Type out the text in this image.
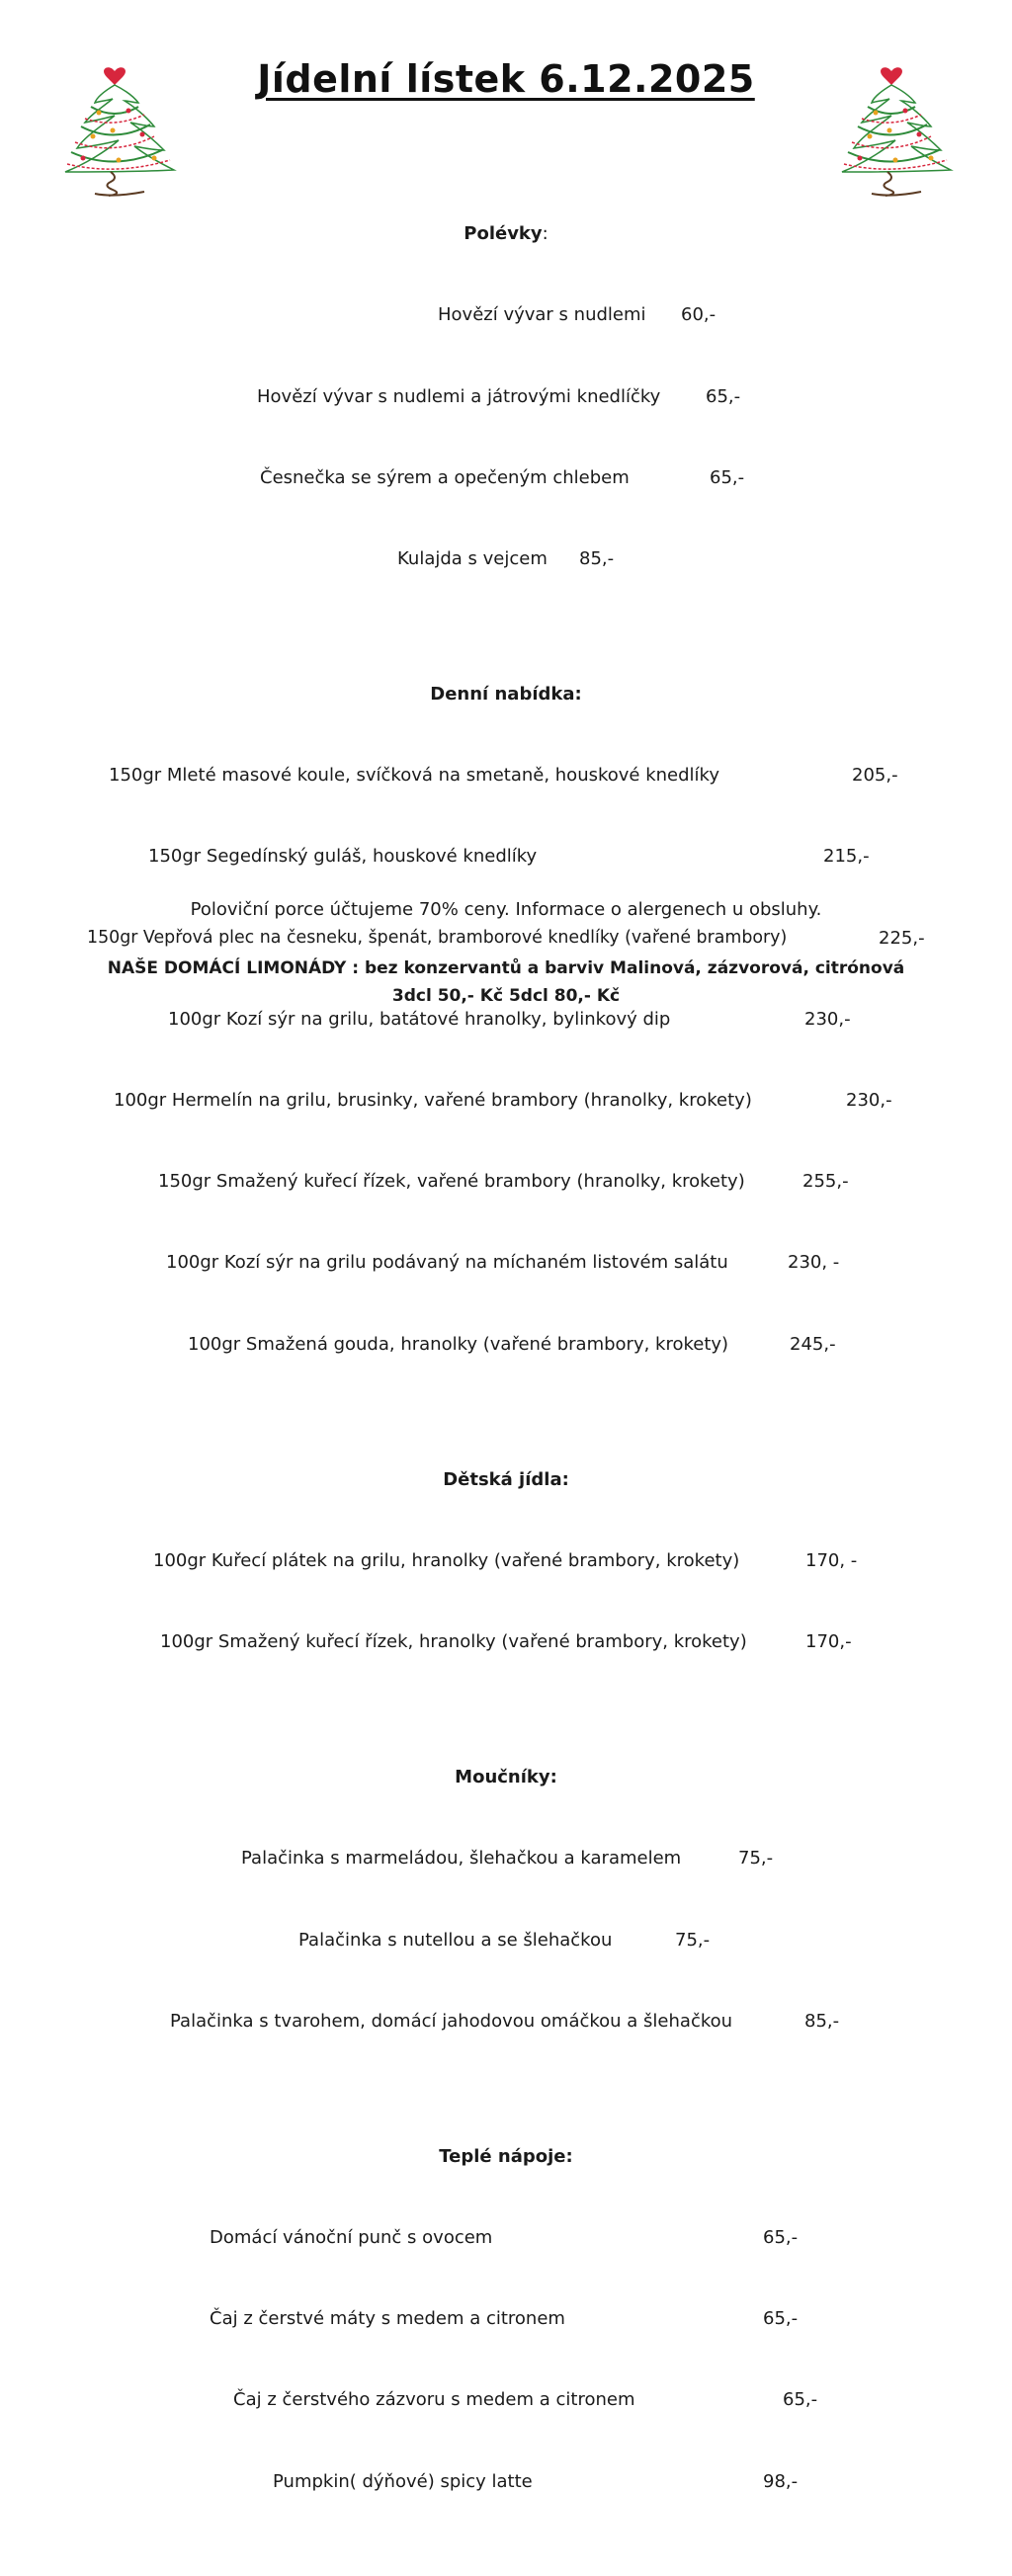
Jídelní lístek 6.12.2025

Polévky:

Hovězí vývar s nudlemi

60,-

Hovězí vývar s nudlemi a játrovými knedlíčky

	65,-

Česnečka se sýrem a opečeným chlebem

	65,-

Kulajda s vejcem

85,-

Denní nabídka:

150gr Mleté masové koule, svíčková na smetaně, houskové knedlíky

	205,-

150gr Segedínský guláš, houskové knedlíky

	215,-

150gr Vepřová plec na česneku, špenát, bramborové knedlíky (vařené brambory)

	225,-

100gr Kozí sýr na grilu, batátové hranolky, bylinkový dip

	230,-

100gr Hermelín na grilu, brusinky, vařené brambory (hranolky, krokety)

	230,-

150gr Smažený kuřecí řízek, vařené brambory (hranolky, krokety)

	255,-

100gr Kozí sýr na grilu podávaný na míchaném listovém salátu

	230, -

100gr Smažená gouda, hranolky (vařené brambory, krokety)

	245,-

Dětská jídla:

100gr Kuřecí plátek na grilu, hranolky (vařené brambory, krokety)

	170, -

100gr Smažený kuřecí řízek, hranolky (vařené brambory, krokety)

	170,-

Moučníky:

Palačinka s marmeládou, šlehačkou a karamelem

	75,-

Palačinka s nutellou a se šlehačkou

	75,-

Palačinka s tvarohem, domácí jahodovou omáčkou a šlehačkou

	85,-

Teplé nápoje:

Domácí vánoční punč s ovocem

	65,-

Čaj z čerstvé máty s medem a citronem

	65,-

Čaj z čerstvého zázvoru s medem a citronem

	65,-

Pumpkin( dýňové) spicy latte

	98,-

Poloviční porce účtujeme 70% ceny. Informace o alergenech u obsluhy.
NAŠE DOMÁCÍ LIMONÁDY : bez konzervantů a barviv Malinová, zázvorová, citrónová
3dcl 50,- Kč 5dcl 80,- Kč
